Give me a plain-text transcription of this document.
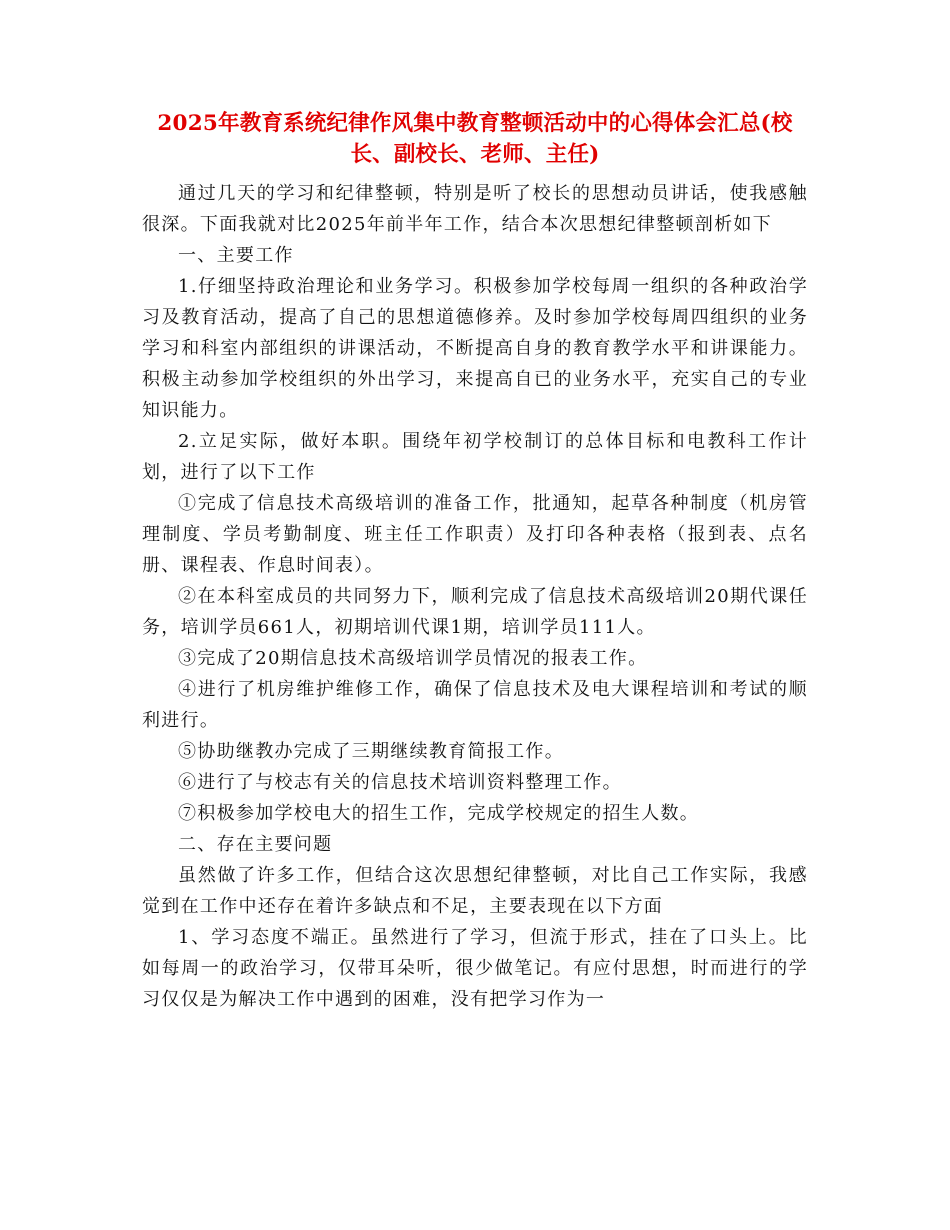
2025年教育系统纪律作风集中教育整顿活动中的心得体会汇总(校长、副校长、老师、主任)

通过几天的学习和纪律整顿，特别是听了校长的思想动员讲话，使我感触很深。下面我就对比2025年前半年工作，结合本次思想纪律整顿剖析如下

一、主要工作

1.仔细坚持政治理论和业务学习。积极参加学校每周一组织的各种政治学习及教育活动，提高了自己的思想道德修养。及时参加学校每周四组织的业务学习和科室内部组织的讲课活动，不断提高自身的教育教学水平和讲课能力。积极主动参加学校组织的外出学习，来提高自已的业务水平，充实自己的专业知识能力。

2.立足实际，做好本职。围绕年初学校制订的总体目标和电教科工作计划，进行了以下工作

①完成了信息技术高级培训的准备工作，批通知，起草各种制度（机房管理制度、学员考勤制度、班主任工作职责）及打印各种表格（报到表、点名册、课程表、作息时间表）。

②在本科室成员的共同努力下，顺利完成了信息技术高级培训20期代课任务，培训学员661人，初期培训代课1期，培训学员111人。

③完成了20期信息技术高级培训学员情况的报表工作。

④进行了机房维护维修工作，确保了信息技术及电大课程培训和考试的顺利进行。

⑤协助继教办完成了三期继续教育简报工作。

⑥进行了与校志有关的信息技术培训资料整理工作。

⑦积极参加学校电大的招生工作，完成学校规定的招生人数。

二、存在主要问题

虽然做了许多工作，但结合这次思想纪律整顿，对比自己工作实际，我感觉到在工作中还存在着许多缺点和不足，主要表现在以下方面

1、学习态度不端正。虽然进行了学习，但流于形式，挂在了口头上。比如每周一的政治学习，仅带耳朵听，很少做笔记。有应付思想，时而进行的学习仅仅是为解决工作中遇到的困难，没有把学习作为一
